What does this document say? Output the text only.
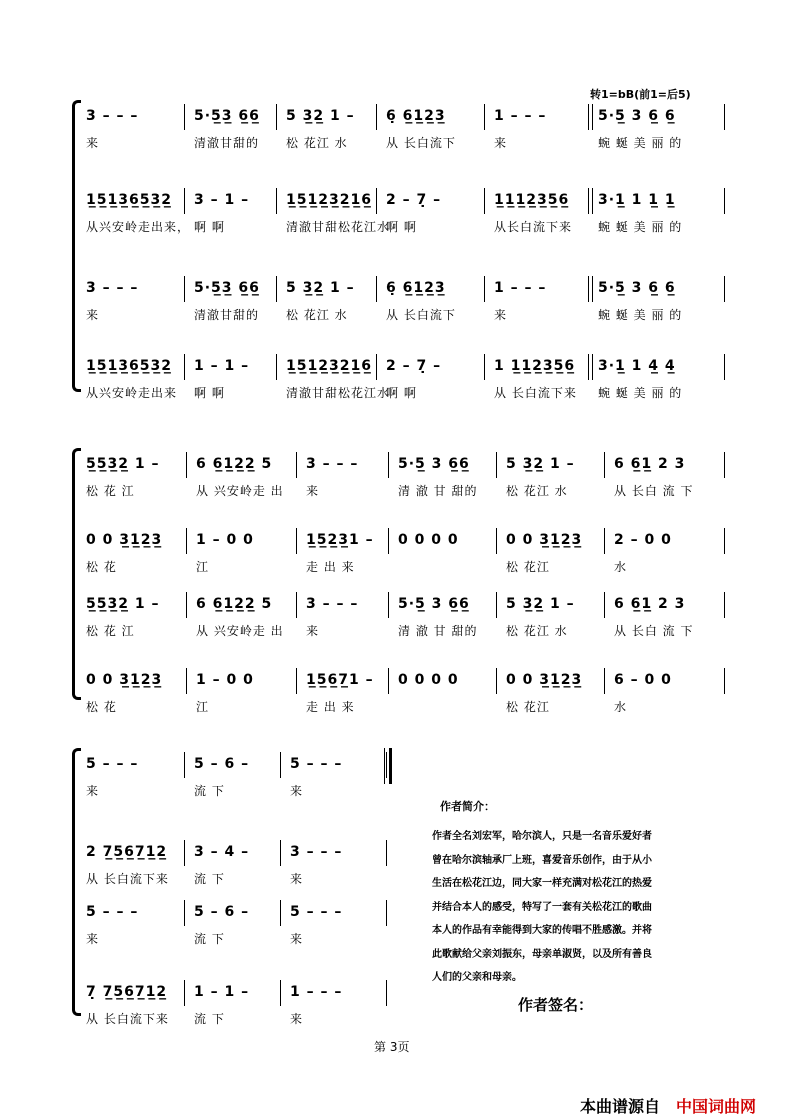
转1=bB(前1=后5)
3 – – –	5·5̲3̲ 6̲6̲ 5 3̲2̲ 1 – 6̣ 6̲1̲2̲3̲	1 – – –	5·5̲ 3 6̲ 6̲
来	清澈甘甜的 松 花江 水	从 长白流下	来	蜿 蜒 美 丽 的
1̲5̲1̲3̲6̲5̲3̲2̲ 3 – 1 –	1̲5̲1̲2̲3̲2̲1̲6̲ 2 – 7̣ –	1̲1̲1̲2̲3̲5̲6̲ 3·1̲ 1 1̲ 1̲
从兴安岭走出来， 啊 啊	清澈甘甜松花江水
啊 啊	从长白流下来 蜿 蜒 美 丽 的
3 – – –	5·5̲3̲ 6̲6̲ 5 3̲2̲ 1 – 6̣ 6̲1̲2̲3̲	1 – – –	5·5̲ 3 6̲ 6̲
来	清澈甘甜的 松 花江 水	从 长白流下	来	蜿 蜒 美 丽 的
1̲5̲1̲3̲6̲5̲3̲2̲ 1 – 1 –	1̲5̲1̲2̲3̲2̲1̲6̲ 2 – 7̣ –	1 1̲1̲2̲3̲5̲6̲ 3·1̲ 1 4̲ 4̲
从兴安岭走出来 啊 啊	清澈甘甜松花江水
啊 啊	从 长白流下来 蜿 蜒 美 丽 的
5̲5̲3̲2̲ 1 –	6 6̲1̲2̲2̲ 5 3 – – –	5·5̲ 3 6̲6̲	5 3̲2̲ 1 –	6 6̲1̲ 2 3
松 花 江	从 兴安岭走 出 来	清 澈 甘 甜的 松 花江 水	从 长白 流 下
0 0 3̲1̲2̲3̲ 1 – 0 0	1̲5̲2̲3̲1 – 0 0 0 0	0 0 3̲1̲2̲3̲ 2 – 0 0
松 花	江	走 出 来	松 花江	水
5̲5̲3̲2̲ 1 –	6 6̲1̲2̲2̲ 5 3 – – –	5·5̲ 3 6̲6̲	5 3̲2̲ 1 –	6 6̲1̲ 2 3
松 花 江	从 兴安岭走 出 来	清 澈 甘 甜的 松 花江 水	从 长白 流 下
0 0 3̲1̲2̲3̲ 1 – 0 0	1̲5̲6̲7̲1 – 0 0 0 0	0 0 3̲1̲2̲3̲ 6 – 0 0
松 花	江	走 出 来	松 花江	水
5 – – –	5 – 6 –	5 – – –
来	流 下	来
2 7̲5̲6̲7̲1̲2̲ 3 – 4 –	3 – – –
从 长白流下来 流 下	来
5 – – –	5 – 6 –	5 – – –
来	流 下	来
7̣ 7̲5̲6̲7̲1̲2̲ 1 – 1 –	1 – – –
从 长白流下来 流 下	来
作者简介：
作者全名刘宏军，哈尔滨人，只是一名音乐爱好者
曾在哈尔滨轴承厂上班，喜爱音乐创作，由于从小
生活在松花江边，同大家一样充满对松花江的热爱
并结合本人的感受，特写了一套有关松花江的歌曲
本人的作品有幸能得到大家的传唱不胜感激。并将
此歌献给父亲刘振东，母亲单淑贤，以及所有善良
人们的父亲和母亲。
作者签名：
第 3页
本曲谱源自 中国词曲网
